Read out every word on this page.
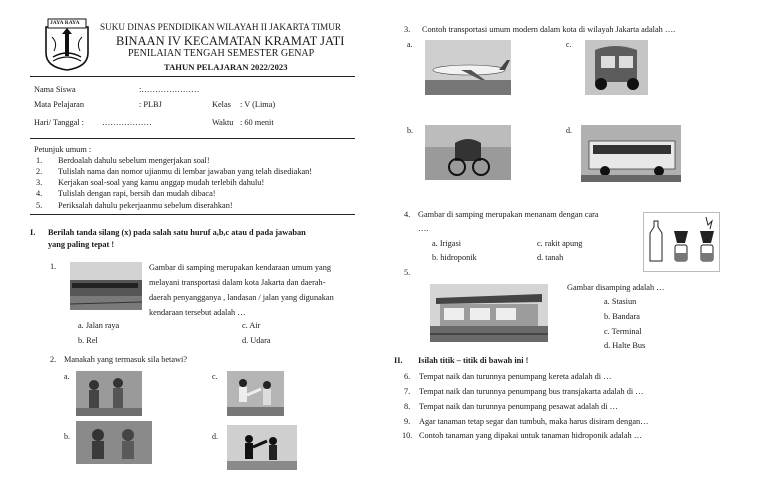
JAYA RAYA SUKU DINAS PENDIDIKAN WILAYAH II JAKARTA TIMUR
BINAAN IV KECAMATAN KRAMAT JATI
PENILAIAN TENGAH SEMESTER GENAP
TAHUN PELAJARAN 2022/2023
Nama Siswa	:…………………
Mata Pelajaran	: PLBJ	Kelas : V (Lima)
Hari/ Tanggal : ………………	Waktu : 60 menit
Petunjuk umum :
1. Berdoalah dahulu sebelum mengerjakan soal!
2. Tulislah nama dan nomor ujianmu di lembar jawaban yang telah disediakan!
3. Kerjakan soal-soal yang kamu anggap mudah terlebih dahulu!
4. Tulislah dengan rapi, bersih dan mudah dibaca!
5. Periksalah dahulu pekerjaanmu sebelum diserahkan!
I. Berilah tanda silang (x) pada salah satu huruf a,b,c atau d pada jawaban
yang paling tepat !
1.	Gambar di samping merupakan kendaraan umum yang
melayani transportasi dalam kota Jakarta dan daerah-
daerah penyangganya , landasan / jalan yang digunakan
kendaraan tersebut adalah …
a. Jalan raya	c. Air
b. Rel	d. Udara
2. Manakah yang termasuk sila betawi?
a.	c.
b.	d.
3. Contoh transportasi umum modern dalam kota di wilayah Jakarta adalah ….
a.	c.
b.	d.
4. Gambar di samping merupakan menanam dengan cara
….
a. Irigasi	c. rakit apung
b. hidroponik	d. tanah
5.
Gambar disamping adalah …
a. Stasiun
b. Bandara
c. Terminal
d. Halte Bus
II. Isilah titik – titik di bawah ini !
6. Tempat naik dan turunnya penumpang kereta adalah di …
7. Tempat naik dan turunnya penumpang bus transjakarta adalah di …
8. Tempat naik dan turunnya penumpang pesawat adalah di …
9. Agar tanaman tetap segar dan tumbuh, maka harus disiram dengan…
10. Contoh tanaman yang dipakai untuk tanaman hidroponik adalah …
